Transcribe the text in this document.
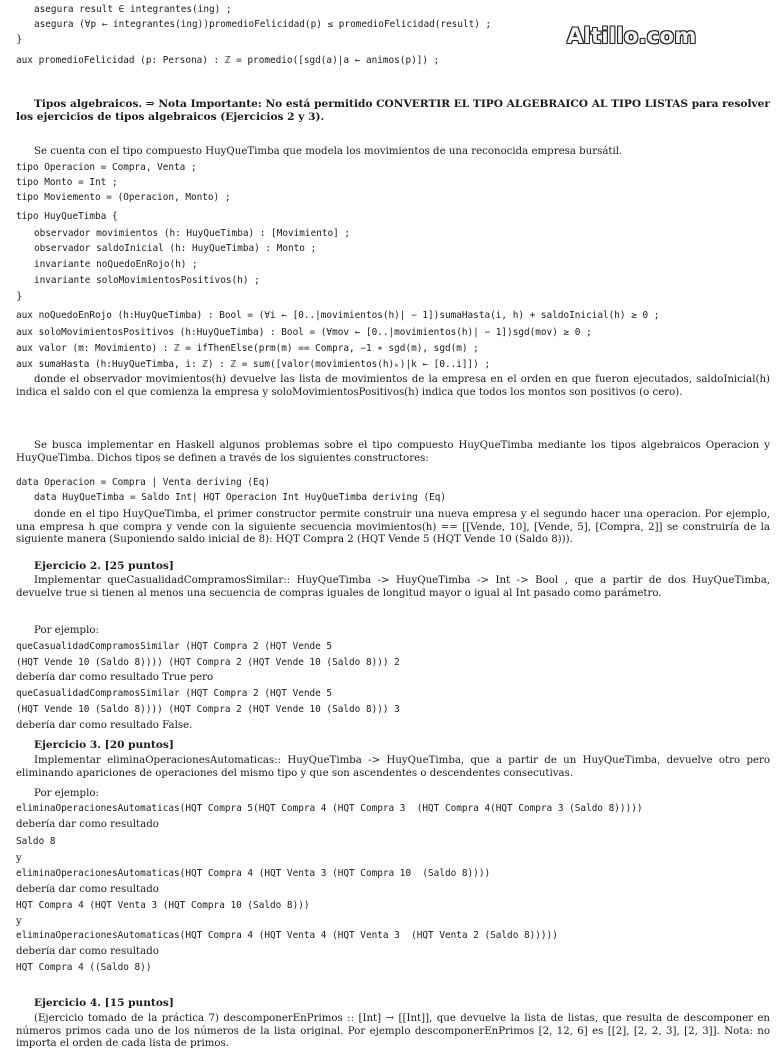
Altillo.com
asegura result ∈ integrantes(ing) ;
asegura (∀p ← integrantes(ing))promedioFelicidad(p) ≤ promedioFelicidad(result) ;
}
aux promedioFelicidad (p: Persona) : ℤ = promedio([sgd(a)|a ← animos(p)]) ;
Tipos algebraicos. ⇒ Nota Importante: No está permitido CONVERTIR EL TIPO ALGEBRAICO AL TIPO LISTAS para resolver los ejercicios de tipos algebraicos (Ejercicios 2 y 3).
Se cuenta con el tipo compuesto HuyQueTimba que modela los movimientos de una reconocida empresa bursátil.
tipo Operacion = Compra, Venta ;
tipo Monto = Int ;
tipo Moviemento = (Operacion, Monto) ;
tipo HuyQueTimba {
observador movimientos (h: HuyQueTimba) : [Movimiento] ;
observador saldoInicial (h: HuyQueTimba) : Monto ;
invariante noQuedoEnRojo(h) ;
invariante soloMovimientosPositivos(h) ;
}
aux noQuedoEnRojo (h:HuyQueTimba) : Bool = (∀i ← [0..|movimientos(h)| − 1])sumaHasta(i, h) + saldoInicial(h) ≥ 0 ;
aux soloMovimientosPositivos (h:HuyQueTimba) : Bool = (∀mov ← [0..|movimientos(h)| − 1])sgd(mov) ≥ 0 ;
aux valor (m: Movimiento) : ℤ = ifThenElse(prm(m) == Compra, −1 ∗ sgd(m), sgd(m) ;
aux sumaHasta (h:HuyQueTimba, i: ℤ) : ℤ = sum([valor(movimientos(h)ₖ)|k ← [0..i]]) ;
donde el observador movimientos(h) devuelve las lista de movimientos de la empresa en el orden en que fueron ejecutados, saldoInicial(h) indica el saldo con el que comienza la empresa y soloMovimientosPositivos(h) indica que todos los montos son positivos (o cero).
Se busca implementar en Haskell algunos problemas sobre el tipo compuesto HuyQueTimba mediante los tipos algebraicos Operacion y HuyQueTimba. Dichos tipos se definen a través de los siguientes constructores:
data Operacion = Compra | Venta deriving (Eq)
data HuyQueTimba = Saldo Int| HQT Operacion Int HuyQueTimba deriving (Eq)
donde en el tipo HuyQueTimba, el primer constructor permite construir una nueva empresa y el segundo hacer una operacion. Por ejemplo, una empresa h que compra y vende con la siguiente secuencia movimientos(h) == [[Vende, 10], [Vende, 5], [Compra, 2]] se construiría de la siguiente manera (Suponiendo saldo inicial de 8): HQT Compra 2 (HQT Vende 5 (HQT Vende 10 (Saldo 8))).
Ejercicio 2. [25 puntos]
Implementar queCasualidadCompramosSimilar:: HuyQueTimba -> HuyQueTimba -> Int -> Bool , que a partir de dos HuyQueTimba, devuelve true si tienen al menos una secuencia de compras iguales de longitud mayor o igual al Int pasado como parámetro.
Por ejemplo:
queCasualidadCompramosSimilar (HQT Compra 2 (HQT Vende 5
(HQT Vende 10 (Saldo 8)))) (HQT Compra 2 (HQT Vende 10 (Saldo 8))) 2
debería dar como resultado True pero
queCasualidadCompramosSimilar (HQT Compra 2 (HQT Vende 5
(HQT Vende 10 (Saldo 8)))) (HQT Compra 2 (HQT Vende 10 (Saldo 8))) 3
debería dar como resultado False.
Ejercicio 3. [20 puntos]
Implementar eliminaOperacionesAutomaticas:: HuyQueTimba -> HuyQueTimba, que a partir de un HuyQueTimba, devuelve otro pero eliminando apariciones de operaciones del mismo tipo y que son ascendentes o descendentes consecutivas.
Por ejemplo:
eliminaOperacionesAutomaticas(HQT Compra 5(HQT Compra 4 (HQT Compra 3  (HQT Compra 4(HQT Compra 3 (Saldo 8)))))
debería dar como resultado
Saldo 8
y
eliminaOperacionesAutomaticas(HQT Compra 4 (HQT Venta 3 (HQT Compra 10  (Saldo 8))))
debería dar como resultado
HQT Compra 4 (HQT Venta 3 (HQT Compra 10 (Saldo 8)))
y
eliminaOperacionesAutomaticas(HQT Compra 4 (HQT Venta 4 (HQT Venta 3  (HQT Venta 2 (Saldo 8)))))
debería dar como resultado
HQT Compra 4 ((Saldo 8))
Ejercicio 4. [15 puntos]
(Ejercicio tomado de la práctica 7) descomponerEnPrimos :: [Int] → [[Int]], que devuelve la lista de listas, que resulta de descomponer en números primos cada uno de los números de la lista original. Por ejemplo descomponerEnPrimos [2, 12, 6] es [[2], [2, 2, 3], [2, 3]]. Nota: no importa el orden de cada lista de primos.
